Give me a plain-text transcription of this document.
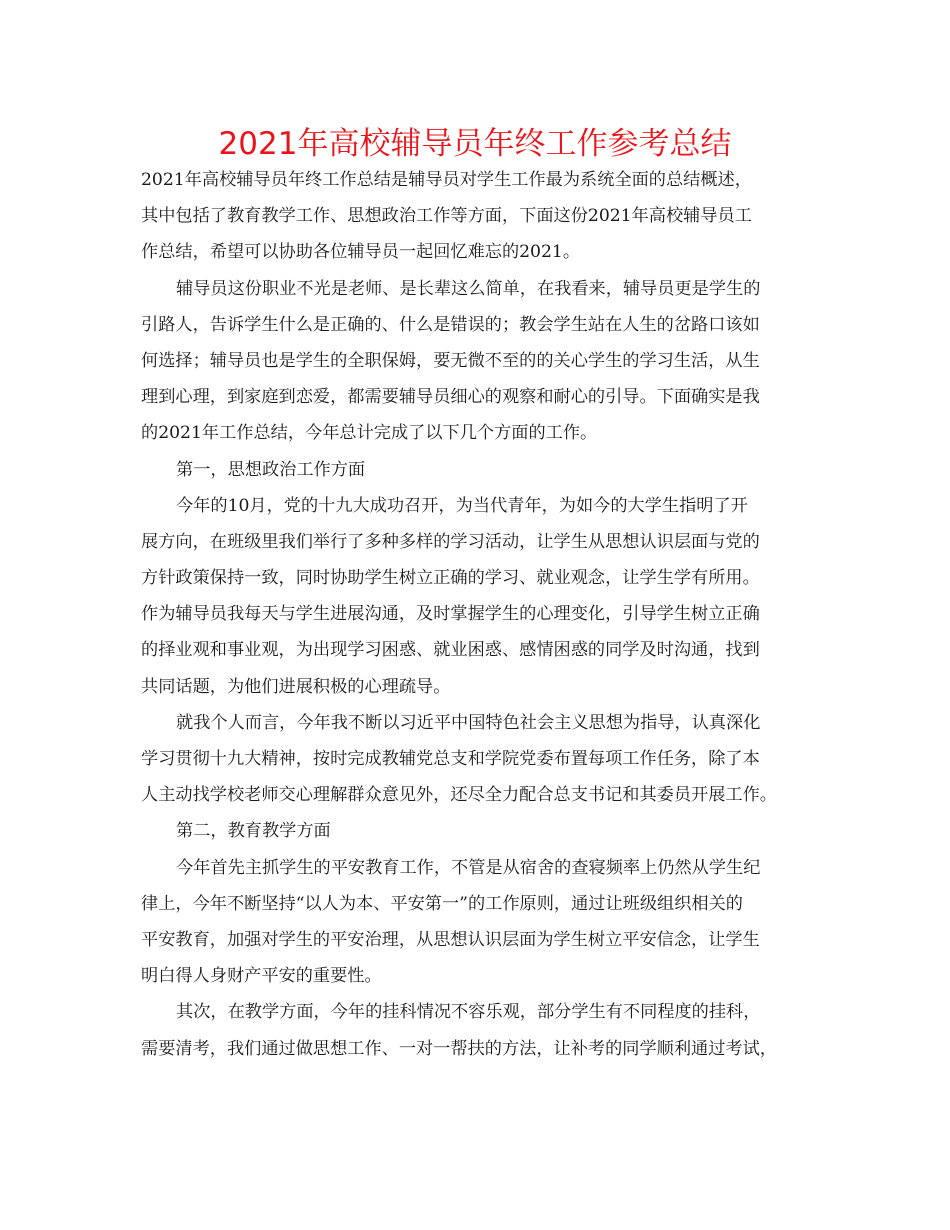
2021年高校辅导员年终工作参考总结
2021年高校辅导员年终工作总结是辅导员对学生工作最为系统全面的总结概述，
其中包括了教育教学工作、思想政治工作等方面，下面这份2021年高校辅导员工
作总结，希望可以协助各位辅导员一起回忆难忘的2021。
辅导员这份职业不光是老师、是长辈这么简单，在我看来，辅导员更是学生的
引路人，告诉学生什么是正确的、什么是错误的；教会学生站在人生的岔路口该如
何选择；辅导员也是学生的全职保姆，要无微不至的的关心学生的学习生活，从生
理到心理，到家庭到恋爱，都需要辅导员细心的观察和耐心的引导。下面确实是我
的2021年工作总结，今年总计完成了以下几个方面的工作。
第一，思想政治工作方面
今年的10月，党的十九大成功召开，为当代青年，为如今的大学生指明了开
展方向，在班级里我们举行了多种多样的学习活动，让学生从思想认识层面与党的
方针政策保持一致，同时协助学生树立正确的学习、就业观念，让学生学有所用。
作为辅导员我每天与学生进展沟通，及时掌握学生的心理变化，引导学生树立正确
的择业观和事业观，为出现学习困惑、就业困惑、感情困惑的同学及时沟通，找到
共同话题，为他们进展积极的心理疏导。
就我个人而言，今年我不断以习近平中国特色社会主义思想为指导，认真深化
学习贯彻十九大精神，按时完成教辅党总支和学院党委布置每项工作任务，除了本
人主动找学校老师交心理解群众意见外，还尽全力配合总支书记和其委员开展工作。
第二，教育教学方面
今年首先主抓学生的平安教育工作，不管是从宿舍的查寝频率上仍然从学生纪
律上，今年不断坚持“以人为本、平安第一”的工作原则，通过让班级组织相关的
平安教育，加强对学生的平安治理，从思想认识层面为学生树立平安信念，让学生
明白得人身财产平安的重要性。
其次，在教学方面，今年的挂科情况不容乐观，部分学生有不同程度的挂科，
需要清考，我们通过做思想工作、一对一帮扶的方法，让补考的同学顺利通过考试，
